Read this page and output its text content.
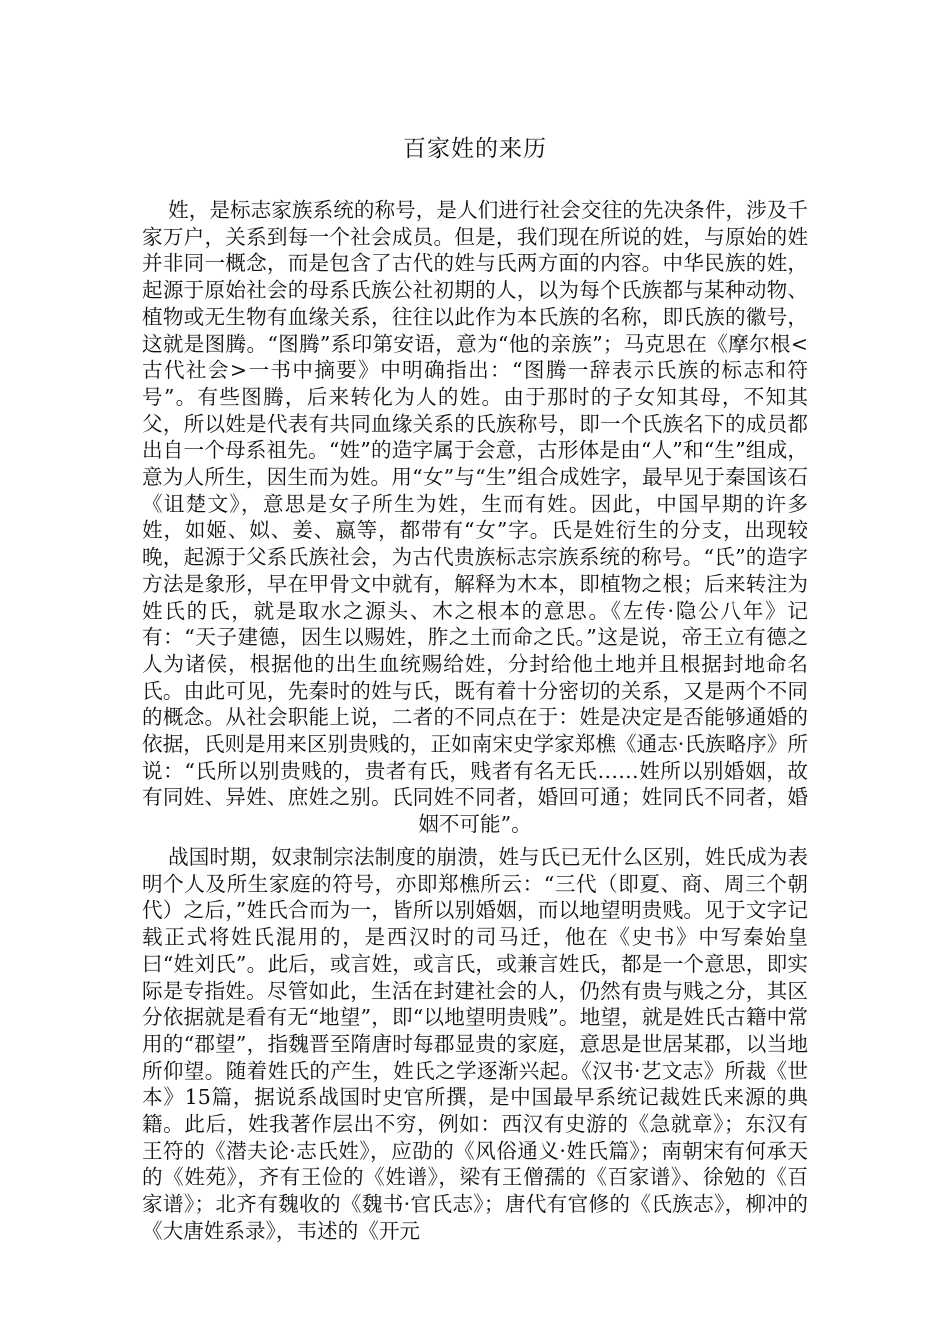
百家姓的来历

姓，是标志家族系统的称号，是人们进行社会交往的先决条件，涉及千家万户，关系到每一个社会成员。但是，我们现在所说的姓，与原始的姓并非同一概念，而是包含了古代的姓与氏两方面的内容。中华民族的姓，起源于原始社会的母系氏族公社初期的人，以为每个氏族都与某种动物、植物或无生物有血缘关系，往往以此作为本氏族的名称，即氏族的徽号，这就是图腾。“图腾”系印第安语，意为“他的亲族”；马克思在《摩尔根<古代社会>一书中摘要》中明确指出：“图腾一辞表示氏族的标志和符号”。有些图腾，后来转化为人的姓。由于那时的子女知其母，不知其父，所以姓是代表有共同血缘关系的氏族称号，即一个氏族名下的成员都出自一个母系祖先。“姓”的造字属于会意，古形体是由“人”和“生”组成，意为人所生，因生而为姓。用“女”与“生”组合成姓字，最早见于秦国该石《诅楚文》，意思是女子所生为姓，生而有姓。因此，中国早期的许多姓，如姬、姒、姜、嬴等，都带有“女”字。氏是姓衍生的分支，出现较晚，起源于父系氏族社会，为古代贵族标志宗族系统的称号。“氏”的造字方法是象形，早在甲骨文中就有，解释为木本，即植物之根；后来转注为姓氏的氏，就是取水之源头、木之根本的意思。《左传·隐公八年》记有：“天子建德，因生以赐姓，胙之土而命之氏。”这是说，帝王立有德之人为诸侯，根据他的出生血统赐给姓，分封给他土地并且根据封地命名氏。由此可见，先秦时的姓与氏，既有着十分密切的关系，又是两个不同的概念。从社会职能上说，二者的不同点在于：姓是决定是否能够通婚的依据，氏则是用来区别贵贱的，正如南宋史学家郑樵《通志·氏族略序》所说：“氏所以别贵贱的，贵者有氏，贱者有名无氏……姓所以别婚姻，故有同姓、异姓、庶姓之别。氏同姓不同者，婚回可通；姓同氏不同者，婚姻不可能”。

战国时期，奴隶制宗法制度的崩溃，姓与氏已无什么区别，姓氏成为表明个人及所生家庭的符号，亦即郑樵所云：“三代（即夏、商、周三个朝代）之后，”姓氏合而为一，皆所以别婚姻，而以地望明贵贱。见于文字记载正式将姓氏混用的，是西汉时的司马迁，他在《史书》中写秦始皇曰“姓刘氏”。此后，或言姓，或言氏，或兼言姓氏，都是一个意思，即实际是专指姓。尽管如此，生活在封建社会的人，仍然有贵与贱之分，其区分依据就是看有无“地望”，即“以地望明贵贱”。地望，就是姓氏古籍中常用的“郡望”，指魏晋至隋唐时每郡显贵的家庭，意思是世居某郡，以当地所仰望。随着姓氏的产生，姓氏之学逐渐兴起。《汉书·艺文志》所裁《世本》15篇，据说系战国时史官所撰，是中国最早系统记裁姓氏来源的典籍。此后，姓我著作层出不穷，例如：西汉有史游的《急就章》；东汉有王符的《潜夫论·志氏姓》，应劭的《风俗通义·姓氏篇》；南朝宋有何承天的《姓苑》，齐有王俭的《姓谱》，梁有王僧孺的《百家谱》、徐勉的《百家谱》；北齐有魏收的《魏书·官氏志》；唐代有官修的《氏族志》，柳冲的《大唐姓系录》，韦述的《开元
